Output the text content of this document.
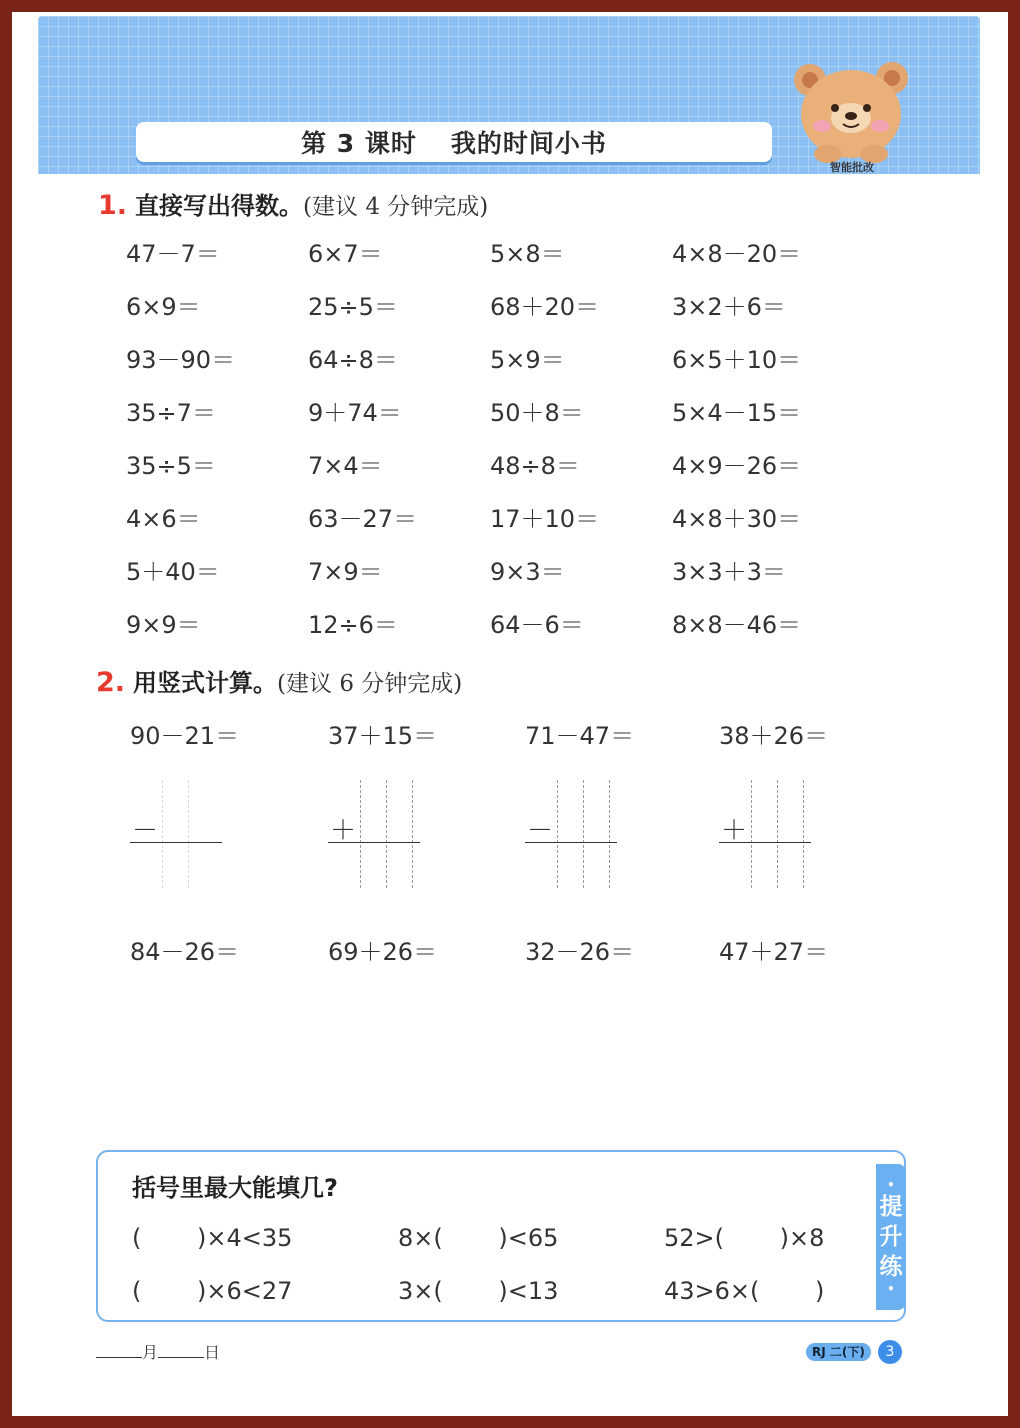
第 3 课时 我的时间小书
智能批改
1. 直接写出得数。 (建议 4 分钟完成)
47－7＝	6×7＝	5×8＝	4×8－20＝
6×9＝	25÷5＝	68＋20＝	3×2＋6＝
93－90＝	64÷8＝	5×9＝	6×5＋10＝
35÷7＝	9＋74＝	50＋8＝	5×4－15＝
35÷5＝	7×4＝	48÷8＝	4×9－26＝
4×6＝	63－27＝	17＋10＝	4×8＋30＝
5＋40＝	7×9＝	9×3＝	3×3＋3＝
9×9＝	12÷6＝	64－6＝	8×8－46＝
2. 用竖式计算。 (建议 6 分钟完成)
90－21＝	37＋15＝	71－47＝	38＋26＝
－	＋	－	＋
84－26＝	69＋26＝	32－26＝	47＋27＝
括号里最大能填几?
(　　 )×4<35	8×(　　 )<65	52>(　　 )×8
(　　 )×6<27	3×(　　 )<13	43>6×(　　 )
•
提
升
练
•
月	日	RJ 二(下)	3
